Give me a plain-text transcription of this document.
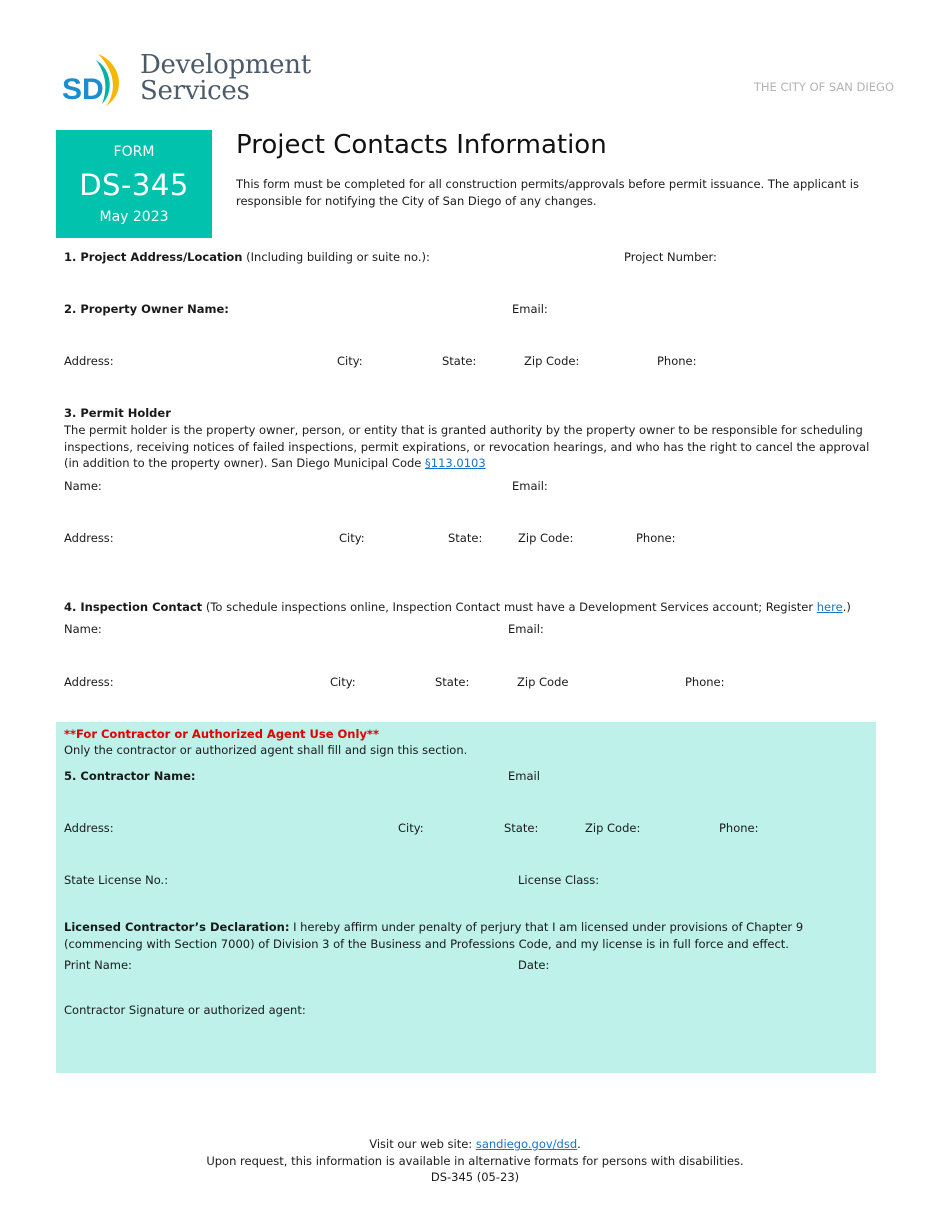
SD
Development
Services	THE CITY OF SAN DIEGO
FORM
DS-345
May 2023
Project Contacts Information
This form must be completed for all construction permits/approvals before permit issuance. The applicant is responsible for notifying the City of San Diego of any changes.
1. Project Address/Location (Including building or suite no.):	Project Number:
2. Property Owner Name:	Email:
Address:	City:	State:	Zip Code:	Phone:
3. Permit Holder
The permit holder is the property owner, person, or entity that is granted authority by the property owner to be responsible for scheduling inspections, receiving notices of failed inspections, permit expirations, or revocation hearings, and who has the right to cancel the approval (in addition to the property owner). San Diego Municipal Code §113.0103
Name:	Email:
Address:	City:	State:	Zip Code:	Phone:
4. Inspection Contact (To schedule inspections online, Inspection Contact must have a Development Services account; Register here.)
Name:	Email:
Address:	City:	State:	Zip Code	Phone:
**For Contractor or Authorized Agent Use Only**
Only the contractor or authorized agent shall fill and sign this section.
5. Contractor Name:	Email
Address:	City:	State:	Zip Code:	Phone:
State License No.:	License Class:
Licensed Contractor’s Declaration: I hereby affirm under penalty of perjury that I am licensed under provisions of Chapter 9 (commencing with Section 7000) of Division 3 of the Business and Professions Code, and my license is in full force and effect.
Print Name:	Date:
Contractor Signature or authorized agent:
Visit our web site: sandiego.gov/dsd.
Upon request, this information is available in alternative formats for persons with disabilities.
DS-345 (05-23)
